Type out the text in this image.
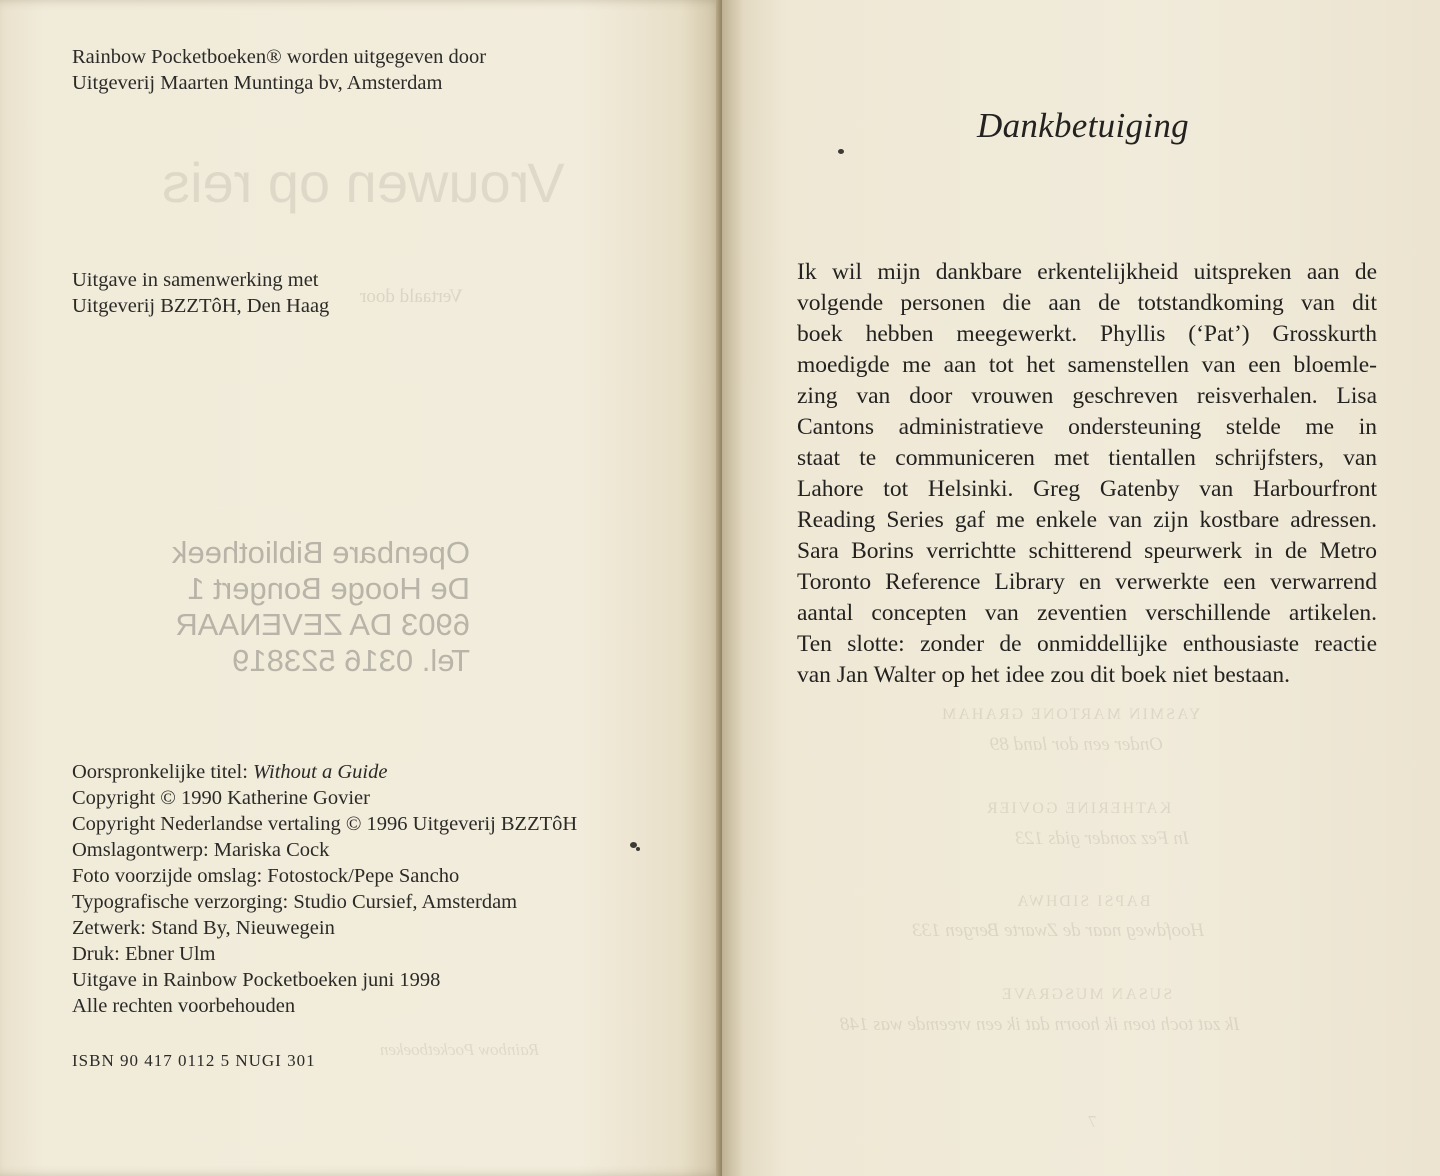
Vrouwen op reis
Vertaald door
Rainbow Pocketboeken
Rainbow Pocketboeken® worden uitgegeven door
Uitgeverij Maarten Muntinga bv, Amsterdam
Uitgave in samenwerking met
Uitgeverij BZZTôH, Den Haag
Openbare Bibliotheek
De Hooge Bongert 1
6903 DA ZEVENAAR
Tel. 0316 523819
Oorspronkelijke titel: Without a Guide
Copyright © 1990 Katherine Govier
Copyright Nederlandse vertaling © 1996 Uitgeverij BZZTôH
Omslagontwerp: Mariska Cock
Foto voorzijde omslag: Fotostock/Pepe Sancho
Typografische verzorging: Studio Cursief, Amsterdam
Zetwerk: Stand By, Nieuwegein
Druk: Ebner Ulm
Uitgave in Rainbow Pocketboeken juni 1998
Alle rechten voorbehouden
ISBN 90 417 0112 5 NUGI 301
YASMIN MARTONE GRAHAM
Onder een dor land 89
KATHERINE GOVIER
In Fez zonder gids 123
BAPSI SIDHWA
Hoofdweg naar de Zwarte Bergen 133
SUSAN MUSGRAVE
Ik zat toch toen ik hoorn dat ik een vreemde was 148
7
Dankbetuiging
Ik wil mijn dankbare erkentelijkheid uitspreken aan de
volgende personen die aan de totstandkoming van dit
boek hebben meegewerkt. Phyllis (‘Pat’) Grosskurth
moedigde me aan tot het samenstellen van een bloemle-
zing van door vrouwen geschreven reisverhalen. Lisa
Cantons administratieve ondersteuning stelde me in
staat te communiceren met tientallen schrijfsters, van
Lahore tot Helsinki. Greg Gatenby van Harbourfront
Reading Series gaf me enkele van zijn kostbare adressen.
Sara Borins verrichtte schitterend speurwerk in de Metro
Toronto Reference Library en verwerkte een verwarrend
aantal concepten van zeventien verschillende artikelen.
Ten slotte: zonder de onmiddellijke enthousiaste reactie
van Jan Walter op het idee zou dit boek niet bestaan.
